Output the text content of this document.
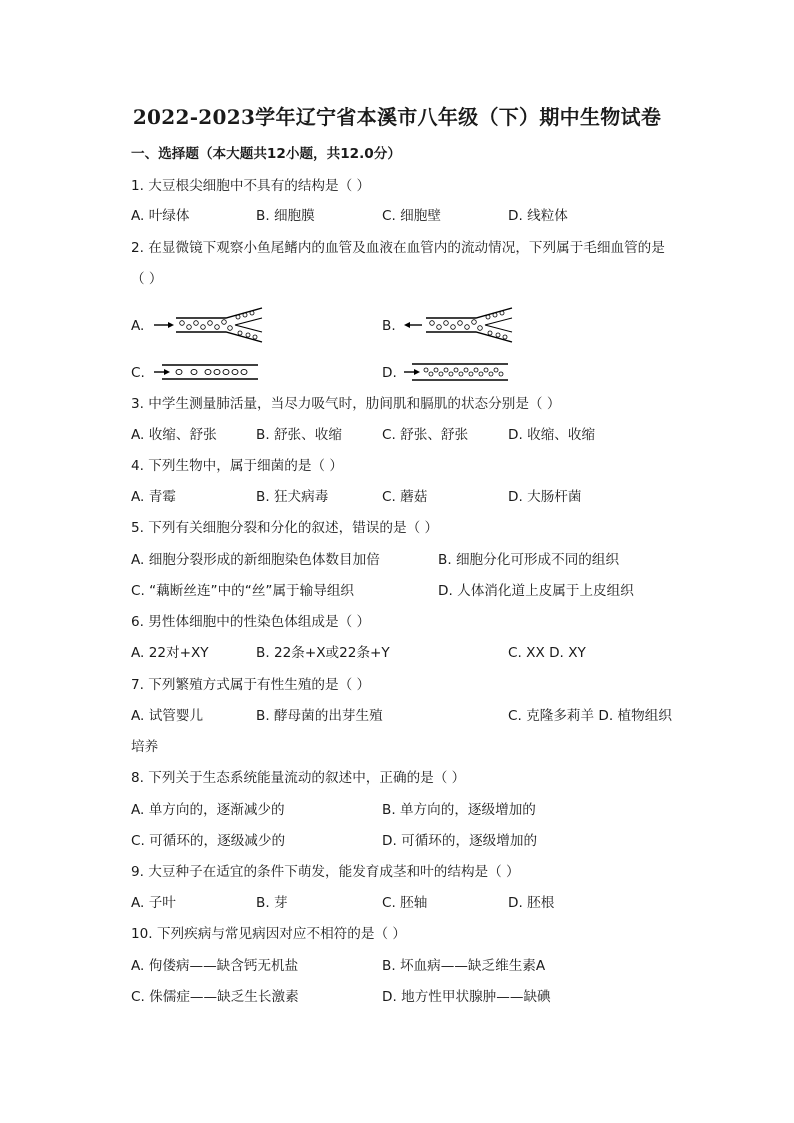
2022-2023学年辽宁省本溪市八年级（下）期中生物试卷
一、选择题（本大题共12小题，共12.0分）
1. 大豆根尖细胞中不具有的结构是（ ）
A. 叶绿体	B. 细胞膜	C. 细胞壁	D. 线粒体
2. 在显微镜下观察小鱼尾鳍内的血管及血液在血管内的流动情况，下列属于毛细血管的是
（ ）
A.	B.
C.	D.
3. 中学生测量肺活量，当尽力吸气时，肋间肌和膈肌的状态分别是（ ）
A. 收缩、舒张	B. 舒张、收缩	C. 舒张、舒张	D. 收缩、收缩
4. 下列生物中，属于细菌的是（ ）
A. 青霉	B. 狂犬病毒	C. 蘑菇	D. 大肠杆菌
5. 下列有关细胞分裂和分化的叙述，错误的是（ ）
A. 细胞分裂形成的新细胞染色体数目加倍	B. 细胞分化可形成不同的组织
C. “藕断丝连”中的“丝”属于输导组织	D. 人体消化道上皮属于上皮组织
6. 男性体细胞中的性染色体组成是（ ）
A. 22对+XY	B. 22条+X或22条+Y	C. XX D. XY
7. 下列繁殖方式属于有性生殖的是（ ）
A. 试管婴儿	B. 酵母菌的出芽生殖	C. 克隆多莉羊 D. 植物组织
培养
8. 下列关于生态系统能量流动的叙述中，正确的是（ ）
A. 单方向的，逐渐减少的	B. 单方向的，逐级增加的
C. 可循环的，逐级减少的	D. 可循环的，逐级增加的
9. 大豆种子在适宜的条件下萌发，能发育成茎和叶的结构是（ ）
A. 子叶	B. 芽	C. 胚轴	D. 胚根
10. 下列疾病与常见病因对应不相符的是（ ）
A. 佝偻病——缺含钙无机盐	B. 坏血病——缺乏维生素A
C. 侏儒症——缺乏生长激素	D. 地方性甲状腺肿——缺碘
